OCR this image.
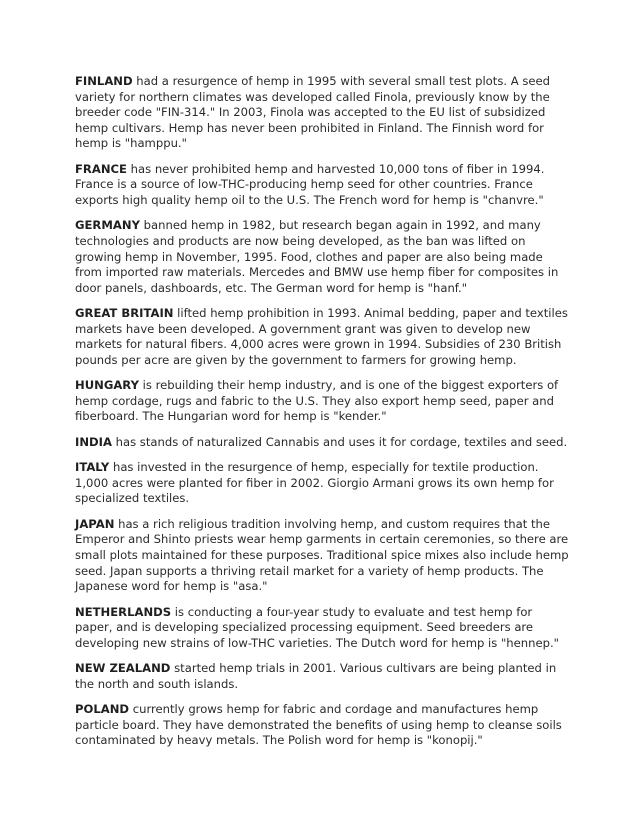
FINLAND had a resurgence of hemp in 1995 with several small test plots. A seed variety for northern climates was developed called Finola, previously know by the breeder code "FIN-314." In 2003, Finola was accepted to the EU list of subsidized hemp cultivars. Hemp has never been prohibited in Finland. The Finnish word for hemp is "hamppu."

FRANCE has never prohibited hemp and harvested 10,000 tons of fiber in 1994. France is a source of low-THC-producing hemp seed for other countries. France exports high quality hemp oil to the U.S. The French word for hemp is "chanvre."

GERMANY banned hemp in 1982, but research began again in 1992, and many technologies and products are now being developed, as the ban was lifted on growing hemp in November, 1995. Food, clothes and paper are also being made from imported raw materials. Mercedes and BMW use hemp fiber for composites in door panels, dashboards, etc. The German word for hemp is "hanf."

GREAT BRITAIN lifted hemp prohibition in 1993. Animal bedding, paper and textiles markets have been developed. A government grant was given to develop new markets for natural fibers. 4,000 acres were grown in 1994. Subsidies of 230 British pounds per acre are given by the government to farmers for growing hemp.

HUNGARY is rebuilding their hemp industry, and is one of the biggest exporters of hemp cordage, rugs and fabric to the U.S. They also export hemp seed, paper and fiberboard. The Hungarian word for hemp is "kender."

INDIA has stands of naturalized Cannabis and uses it for cordage, textiles and seed.

ITALY has invested in the resurgence of hemp, especially for textile production. 1,000 acres were planted for fiber in 2002. Giorgio Armani grows its own hemp for specialized textiles.

JAPAN has a rich religious tradition involving hemp, and custom requires that the Emperor and Shinto priests wear hemp garments in certain ceremonies, so there are small plots maintained for these purposes. Traditional spice mixes also include hemp seed. Japan supports a thriving retail market for a variety of hemp products. The Japanese word for hemp is "asa."

NETHERLANDS is conducting a four-year study to evaluate and test hemp for paper, and is developing specialized processing equipment. Seed breeders are developing new strains of low-THC varieties. The Dutch word for hemp is "hennep."

NEW ZEALAND started hemp trials in 2001. Various cultivars are being planted in the north and south islands.

POLAND currently grows hemp for fabric and cordage and manufactures hemp particle board. They have demonstrated the benefits of using hemp to cleanse soils contaminated by heavy metals. The Polish word for hemp is "konopij."
